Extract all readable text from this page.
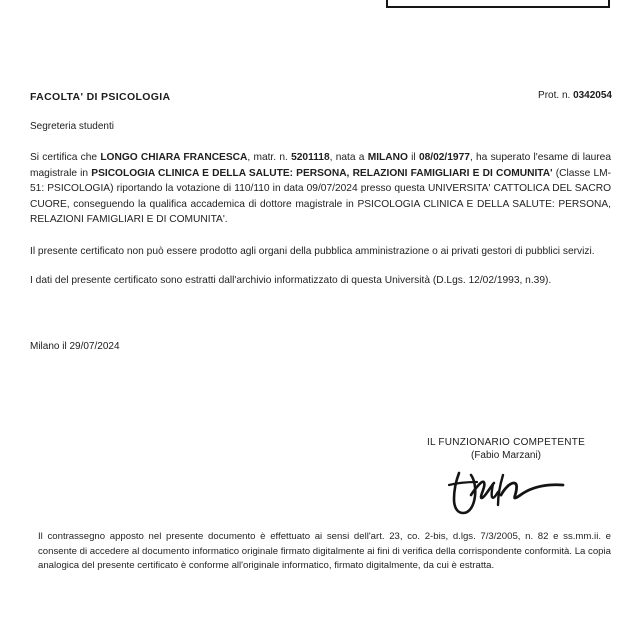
FACOLTA' DI PSICOLOGIA	Prot. n. 0342054
Segreteria studenti

Si certifica che LONGO CHIARA FRANCESCA, matr. n. 5201118, nata a MILANO il 08/02/1977, ha superato l'esame di laurea magistrale in PSICOLOGIA CLINICA E DELLA SALUTE: PERSONA, RELAZIONI FAMIGLIARI E DI COMUNITA' (Classe LM-51: PSICOLOGIA) riportando la votazione di 110/110 in data 09/07/2024 presso questa UNIVERSITA' CATTOLICA DEL SACRO CUORE, conseguendo la qualifica accademica di dottore magistrale in PSICOLOGIA CLINICA E DELLA SALUTE: PERSONA, RELAZIONI FAMIGLIARI E DI COMUNITA'.

Il presente certificato non può essere prodotto agli organi della pubblica amministrazione o ai privati gestori di pubblici servizi.

I dati del presente certificato sono estratti dall'archivio informatizzato di questa Università (D.Lgs. 12/02/1993, n.39).

Milano il 29/07/2024
IL FUNZIONARIO COMPETENTE
(Fabio Marzani)
Il contrassegno apposto nel presente documento è effettuato ai sensi dell'art. 23, co. 2-bis, d.lgs. 7/3/2005, n. 82 e ss.mm.ii. e consente di accedere al documento informatico originale firmato digitalmente ai fini di verifica della corrispondente conformità. La copia analogica del presente certificato è conforme all'originale informatico, firmato digitalmente, da cui è estratta.
